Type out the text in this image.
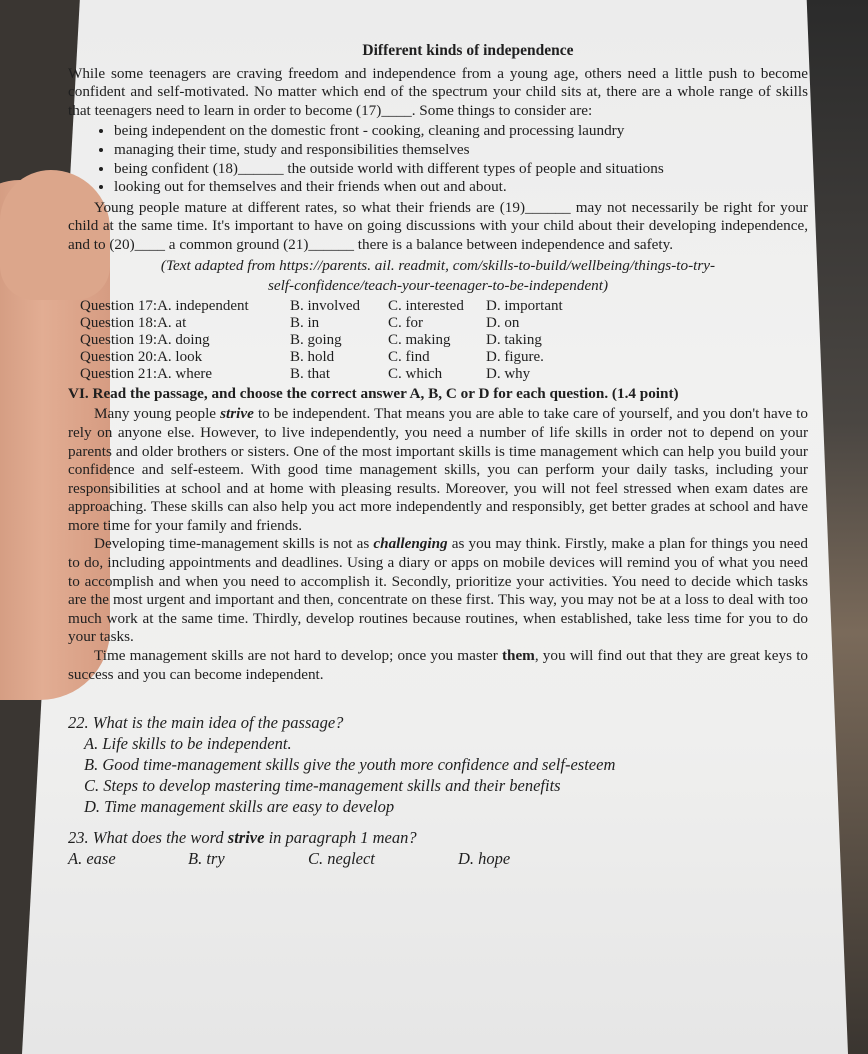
Different kinds of independence

While some teenagers are craving freedom and independence from a young age, others need a little push to become confident and self-motivated. No matter which end of the spectrum your child sits at, there are a whole range of skills that teenagers need to learn in order to become (17)____. Some things to consider are:

• being independent on the domestic front - cooking, cleaning and processing laundry
• managing their time, study and responsibilities themselves
• being confident (18)______ the outside world with different types of people and situations
• looking out for themselves and their friends when out and about.

Young people mature at different rates, so what their friends are (19)______ may not necessarily be right for your child at the same time. It's important to have on going discussions with your child about their developing independence, and to (20)____ a common ground (21)______ there is a balance between independence and safety.

(Text adapted from https://parents. ail. readmit, com/skills-to-build/wellbeing/things-to-try-
self-confidence/teach-your-teenager-to-be-independent)
Question 17:A. independent	B. involved	C. interested	D. important
Question 18:A. at	B. in	C. for	D. on
Question 19:A. doing	B. going	C. making	D. taking
Question 20:A. look	B. hold	C. find	D. figure.
Question 21:A. where	B. that	C. which	D. why
VI. Read the passage, and choose the correct answer A, B, C or D for each question. (1.4 point)

Many young people strive to be independent. That means you are able to take care of yourself, and you don't have to rely on anyone else. However, to live independently, you need a number of life skills in order not to depend on your parents and older brothers or sisters. One of the most important skills is time management which can help you build your confidence and self-esteem. With good time management skills, you can perform your daily tasks, including your responsibilities at school and at home with pleasing results. Moreover, you will not feel stressed when exam dates are approaching. These skills can also help you act more independently and responsibly, get better grades at school and have more time for your family and friends.

Developing time-management skills is not as challenging as you may think. Firstly, make a plan for things you need to do, including appointments and deadlines. Using a diary or apps on mobile devices will remind you of what you need to accomplish and when you need to accomplish it. Secondly, prioritize your activities. You need to decide which tasks are the most urgent and important and then, concentrate on these first. This way, you may not be at a loss to deal with too much work at the same time. Thirdly, develop routines because routines, when established, take less time for you to do your tasks.

Time management skills are not hard to develop; once you master them, you will find out that they are great keys to success and you can become independent.

22. What is the main idea of the passage?
A. Life skills to be independent.
B. Good time-management skills give the youth more confidence and self-esteem
C. Steps to develop mastering time-management skills and their benefits
D. Time management skills are easy to develop
23. What does the word strive in paragraph 1 mean?
A. ease	B. try	C. neglect	D. hope
